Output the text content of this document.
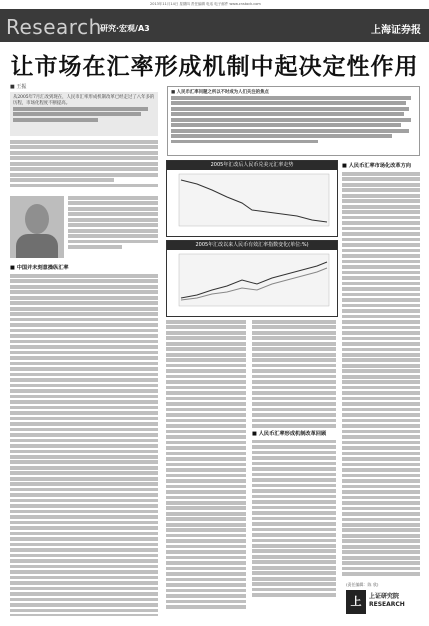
2013年11月14日 星期四 责任编辑 电话 电子邮件 www.cnstock.com
Research
研究·宏观/A3	上海证券报
让市场在汇率形成机制中起决定性作用
■ 王振
从2005年7月汇改到现在，人民币汇率形成机制改革已经走过了八年多的历程，市场化程度不断提高。
■ 人民币汇率问题之所以不时成为人们关注的焦点
■ 中国并未刻意操纵汇率
2005年汇改后人民币兑美元汇率走势
2005年汇改以来人民币有效汇率指数变化(单位:%)
■ 人民币汇率形成机制改革回顾
■ 人民币汇率市场化改革方向
(责任编辑：陈 欣)
上	上证研究院
RESEARCH
